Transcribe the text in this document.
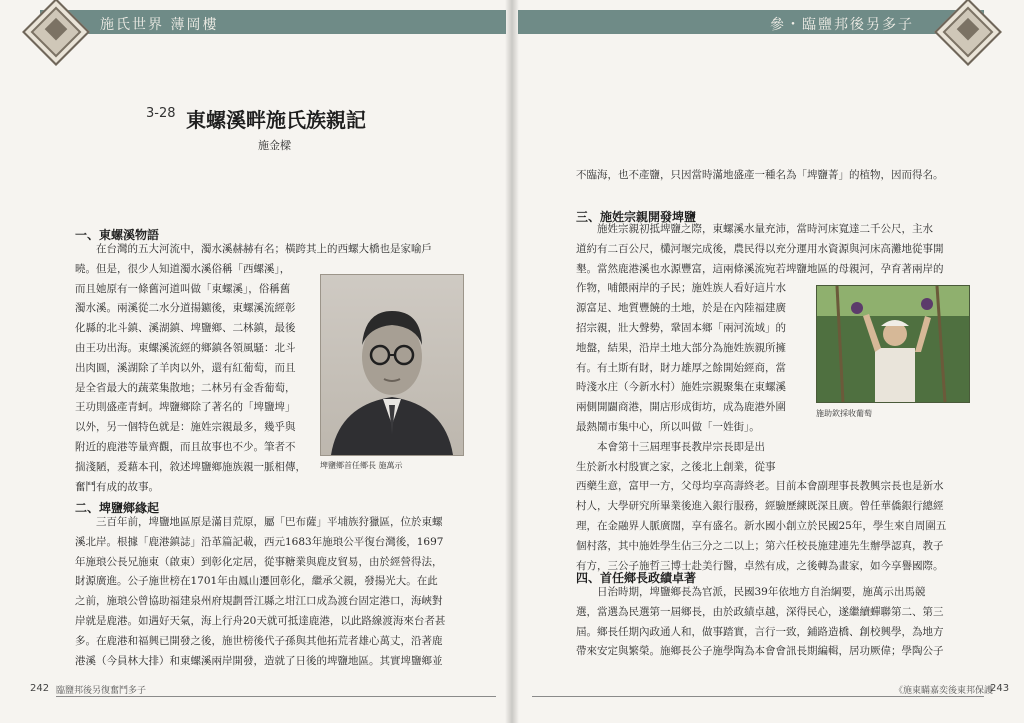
施氏世界 薄岡樓
3-28 東螺溪畔施氏族親記
施金樑
一、東螺溪物語
　　在台灣的五大河流中，濁水溪赫赫有名；橫跨其上的西螺大橋也是家喻戶
曉。但是，很少人知道濁水溪俗稱「西螺溪」，
而且她原有一條舊河道叫做「東螺溪」，俗稱舊
濁水溪。兩溪從二水分道揚鑣後，東螺溪流經彰
化縣的北斗鎮、溪湖鎮、埤鹽鄉、二林鎮，最後
由王功出海。東螺溪流經的鄉鎮各領風騷：北斗
出肉圓，溪湖除了羊肉以外，還有紅葡萄，而且
是全省最大的蔬菜集散地；二林另有金香葡萄，
王功則盛產青蚵。埤鹽鄉除了著名的「埤鹽埤」
以外，另一個特色就是：施姓宗親最多，幾乎與
附近的鹿港等量齊觀，而且故事也不少。筆者不
揣淺陋，爰藉本刊，敘述埤鹽鄉施族親一脈相傳，
奮鬥有成的故事。
埤鹽鄉首任鄉長 施萬示
二、埤鹽鄉緣起
　　三百年前，埤鹽地區原是滿目荒原，屬「巴布薩」平埔族狩獵區，位於東螺
溪北岸。根據「鹿港鎮誌」沿革篇記載，西元1683年施琅公平復台灣後，1697
年施琅公長兄施東（啟東）到彰化定居，從事糖業與鹿皮貿易，由於經營得法，
財源廣進。公子施世榜在1701年由鳳山遷回彰化，繼承父親，發揚光大。在此
之前，施琅公曾協助福建泉州府規劃晉江縣之坩江口成為渡台固定港口，海峽對
岸就是鹿港。如遇好天氣，海上行舟20天就可抵達鹿港，以此路線渡海來台者甚
多。在鹿港和福興已開發之後，施世榜後代子孫與其他拓荒者雄心萬丈，沿著鹿
港溪（今員林大排）和東螺溪兩岸開發，造就了日後的埤鹽地區。其實埤鹽鄉並
242 臨鹽邦後另復奮鬥多子
參・臨鹽邦後另多子
不臨海，也不產鹽，只因當時滿地盛產一種名為「埤鹽菁」的植物，因而得名。
三、施姓宗親開發埤鹽
　　施姓宗親初抵埤鹽之際，東螺溪水量充沛，當時河床寬達二千公尺，主水
道約有二百公尺，欉河堰完成後，農民得以充分運用水資源與河床高灘地從事開
墾。當然鹿港溪也水源豐富，這兩條溪流宛若埤鹽地區的母親河，孕育著兩岸的
作物，哺餵兩岸的子民；施姓族人看好這片水
源富足、地質豐饒的土地，於是在內陸福建廣
招宗親，壯大聲勢，鞏固本鄉「兩河流域」的
地盤，結果，沿岸土地大部分為施姓族親所擁
有。有土斯有財，財力雄厚之餘開始經商，當
時淺水庄（今新水村）施姓宗親聚集在東螺溪
兩側開闢商港，開店形成街坊，成為鹿港外圍
最熱鬧市集中心，所以叫做「一姓街」。
　　本會第十三屆理事長教岸宗長即是出
生於新水村殷實之家，之後北上創業，從事
西藥生意，富甲一方，父母均享高壽終老。目前本會副理事長教興宗長也是新水
村人，大學研究所畢業後進入銀行服務，經驗歷練既深且廣。曾任華僑銀行總經
理，在金融界人脈廣闊，享有盛名。新水國小創立於民國25年，學生來自周圍五
個村落，其中施姓學生佔三分之二以上；第六任校長施建連先生辦學認真，教子
有方，三公子施哲三博士赴美行醫，卓然有成，之後轉為畫家，如今享譽國際。
施助欽採收葡萄
四、首任鄉長政績卓著
　　日治時期，埤鹽鄉長為官派，民國39年依地方自治綱要，施萬示出馬競
選，當選為民選第一屆鄉長，由於政績卓越，深得民心，遂繼續蟬聯第二、第三
屆。鄉長任期內政通人和，做事踏實，言行一致，鋪路造橋、創校興學，為地方
帶來安定與繁榮。施鄉長公子施學陶為本會會訊長期編輯，居功厥偉；學陶公子
《施東瞞嘉奕後東邦保護
243
